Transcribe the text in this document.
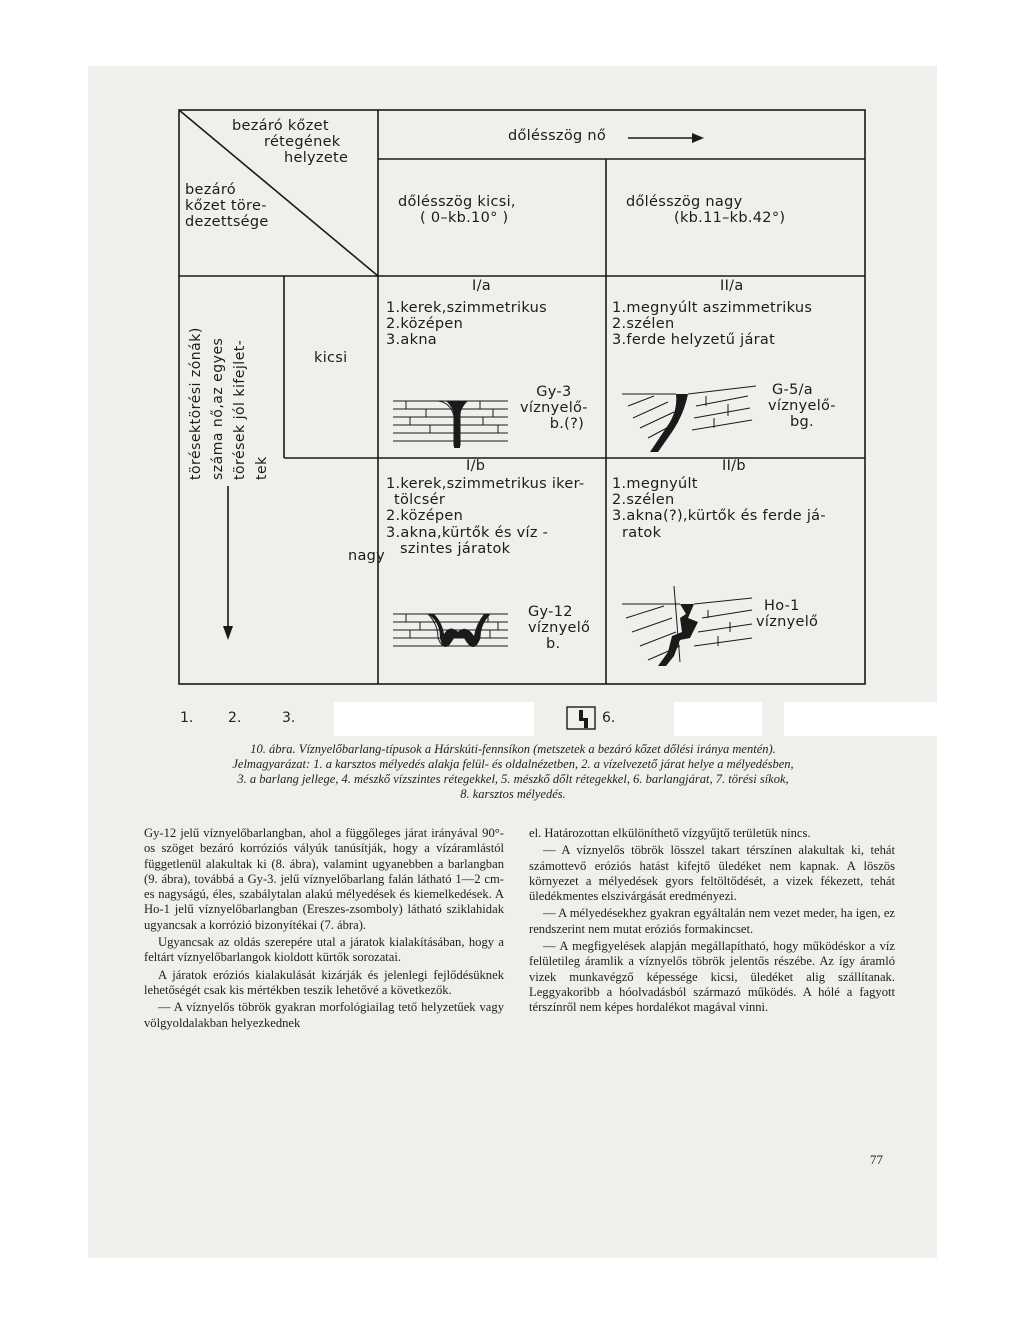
bezáró kőzet
rétegének
helyzete
bezáró
kőzet töre-
dezettsége
dőlésszög nő
dőlésszög kicsi,
( 0–kb.10° )
dőlésszög nagy
(kb.11–kb.42°)
törésektörési zónák) száma nő,az egyes törések jól kifejlet- tek
kicsi
nagy
I/a
1.kerek,szimmetrikus
2.középen
3.akna
Gy-3
víznyelő-
b.(?)
II/a
1.megnyúlt aszimmetrikus
2.szélen
3.ferde helyzetű járat
G-5/a
víznyelő-
bg.
I/b
1.kerek,szimmetrikus iker-
tölcsér
2.középen
3.akna,kürtők és víz -
szintes járatok
Gy-12
víznyelő
b.
II/b
1.megnyúlt
2.szélen
3.akna(?),kürtők és ferde já-
ratok
Ho-1
víznyelő
1. 2.	3.	6.
10. ábra. Víznyelőbarlang-típusok a Hárskúti-fennsíkon (metszetek a bezáró kőzet dőlési iránya mentén).
Jelmagyarázat: 1. a karsztos mélyedés alakja felül- és oldalnézetben, 2. a vízelvezető járat helye a mélyedésben,
3. a barlang jellege, 4. mészkő vízszintes rétegekkel, 5. mészkő dőlt rétegekkel, 6. barlangjárat, 7. törési síkok,
8. karsztos mélyedés.

Gy-12 jelű víznyelőbarlangban, ahol a függőleges járat irányával 90°-os szöget bezáró korróziós vályúk tanúsítják, hogy a vízáramlástól függetlenül alakultak ki (8. ábra), valamint ugyanebben a barlangban (9. ábra), továbbá a Gy-3. jelű víznyelőbarlang falán látható 1—2 cm-es nagyságú, éles, szabálytalan alakú mélyedések és kiemelkedések. A Ho-1 jelű víznyelőbarlangban (Ereszes-zsomboly) látható sziklahidak ugyancsak a korrózió bizonyítékai (7. ábra).

Ugyancsak az oldás szerepére utal a járatok kialakításában, hogy a feltárt víznyelőbarlangok kioldott kürtők sorozatai.

A járatok eróziós kialakulását kizárják és jelenlegi fejlődésüknek lehetőségét csak kis mértékben teszik lehetővé a következők.

— A víznyelős töbrök gyakran morfológiailag tető helyzetűek vagy völgyoldalakban helyezkednek

el. Határozottan elkülöníthető vízgyűjtő területük nincs.

— A víznyelős töbrök lösszel takart térszínen alakultak ki, tehát számottevő eróziós hatást kifejtő üledéket nem kapnak. A löszös környezet a mélyedések gyors feltöltődését, a vizek fékezett, tehát üledékmentes elszivárgását eredményezi.

— A mélyedésekhez gyakran egyáltalán nem vezet meder, ha igen, ez rendszerint nem mutat eróziós formakincset.

— A megfigyelések alapján megállapítható, hogy működéskor a víz felületileg áramlik a víznyelős töbrök jelentős részébe. Az így áramló vizek munkavégző képessége kicsi, üledéket alig szállítanak. Leggyakoribb a hóolvadásból származó működés. A hólé a fagyott térszínről nem képes hordalékot magával vinni.

77
